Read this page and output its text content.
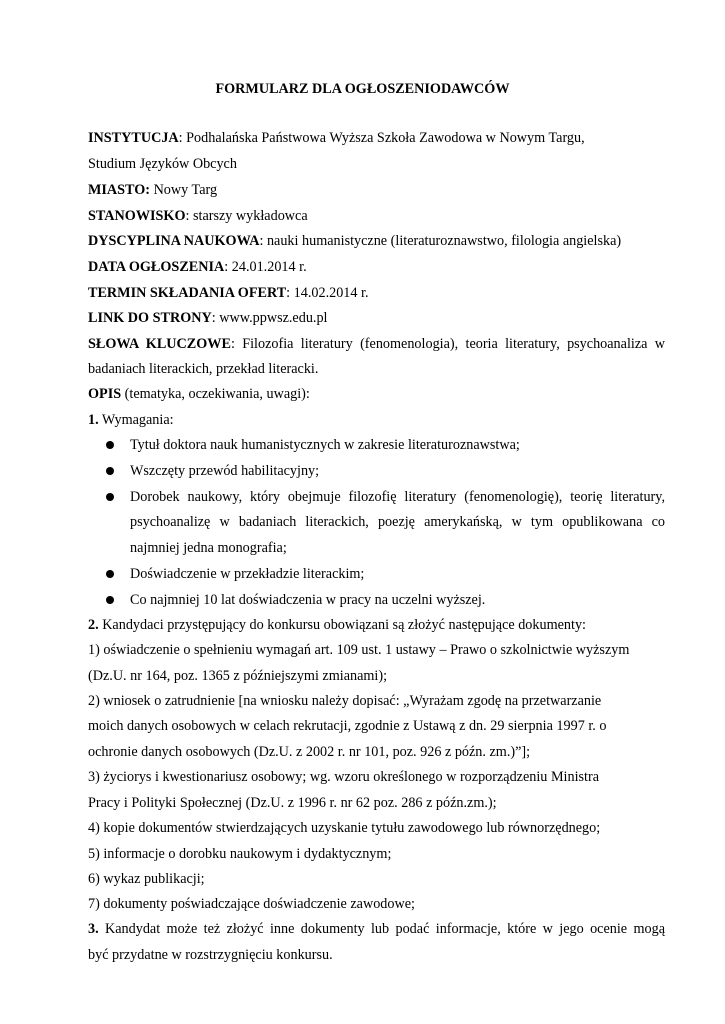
FORMULARZ DLA OGŁOSZENIODAWCÓW
INSTYTUCJA: Podhalańska Państwowa Wyższa Szkoła Zawodowa w Nowym Targu,
Studium Języków Obcych
MIASTO: Nowy Targ
STANOWISKO: starszy wykładowca
DYSCYPLINA NAUKOWA: nauki humanistyczne (literaturoznawstwo, filologia angielska)
DATA OGŁOSZENIA: 24.01.2014 r.
TERMIN SKŁADANIA OFERT: 14.02.2014 r.
LINK DO STRONY: www.ppwsz.edu.pl
SŁOWA KLUCZOWE: Filozofia literatury (fenomenologia), teoria literatury, psychoanaliza w
badaniach literackich, przekład literacki.
OPIS (tematyka, oczekiwania, uwagi):
1. Wymagania:
Tytuł doktora nauk humanistycznych w zakresie literaturoznawstwa;
Wszczęty przewód habilitacyjny;
Dorobek naukowy, który obejmuje filozofię literatury (fenomenologię), teorię literatury,
psychoanalizę w badaniach literackich, poezję amerykańską, w tym opublikowana co
najmniej jedna monografia;
Doświadczenie w przekładzie literackim;
Co najmniej 10 lat doświadczenia w pracy na uczelni wyższej.
2. Kandydaci przystępujący do konkursu obowiązani są złożyć następujące dokumenty:
1) oświadczenie o spełnieniu wymagań art. 109 ust. 1 ustawy – Prawo o szkolnictwie wyższym
(Dz.U. nr 164, poz. 1365 z późniejszymi zmianami);
2) wniosek o zatrudnienie [na wniosku należy dopisać: „Wyrażam zgodę na przetwarzanie
moich danych osobowych w celach rekrutacji, zgodnie z Ustawą z dn. 29 sierpnia 1997 r. o
ochronie danych osobowych (Dz.U. z 2002 r. nr 101, poz. 926 z późn. zm.)”];
3) życiorys i kwestionariusz osobowy; wg. wzoru określonego w rozporządzeniu Ministra
Pracy i Polityki Społecznej (Dz.U. z 1996 r. nr 62 poz. 286 z późn.zm.);
4) kopie dokumentów stwierdzających uzyskanie tytułu zawodowego lub równorzędnego;
5) informacje o dorobku naukowym i dydaktycznym;
6) wykaz publikacji;
7) dokumenty poświadczające doświadczenie zawodowe;
3. Kandydat może też złożyć inne dokumenty lub podać informacje, które w jego ocenie mogą
być przydatne w rozstrzygnięciu konkursu.
